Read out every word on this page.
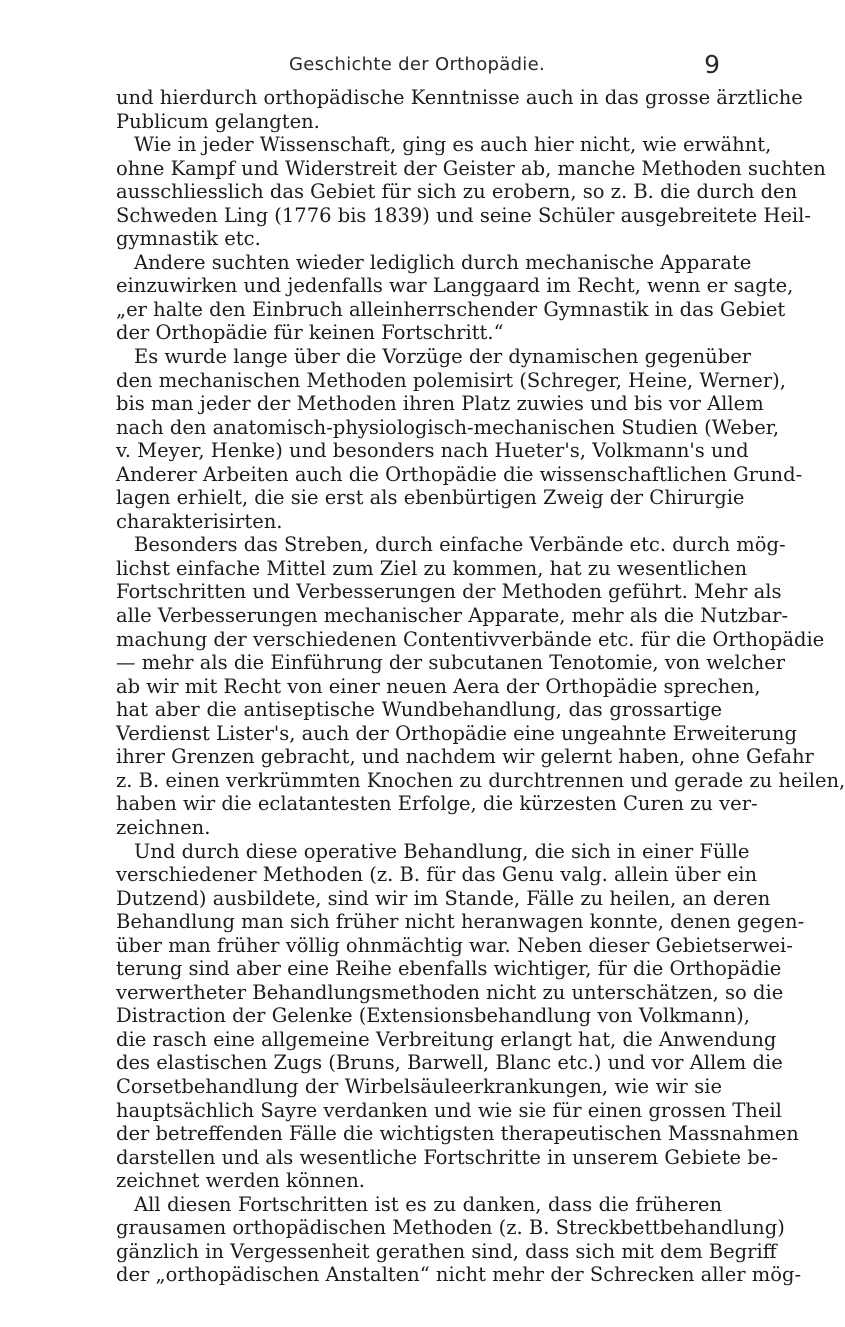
Geschichte der Orthopädie.	9
und hierdurch orthopädische Kenntnisse auch in das grosse ärztliche
Publicum gelangten.
Wie in jeder Wissenschaft, ging es auch hier nicht, wie erwähnt,
ohne Kampf und Widerstreit der Geister ab, manche Methoden suchten
ausschliesslich das Gebiet für sich zu erobern, so z. B. die durch den
Schweden Ling (1776 bis 1839) und seine Schüler ausgebreitete Heil-
gymnastik etc.
Andere suchten wieder lediglich durch mechanische Apparate
einzuwirken und jedenfalls war Langgaard im Recht, wenn er sagte,
„er halte den Einbruch alleinherrschender Gymnastik in das Gebiet
der Orthopädie für keinen Fortschritt.“
Es wurde lange über die Vorzüge der dynamischen gegenüber
den mechanischen Methoden polemisirt (Schreger, Heine, Werner),
bis man jeder der Methoden ihren Platz zuwies und bis vor Allem
nach den anatomisch-physiologisch-mechanischen Studien (Weber,
v. Meyer, Henke) und besonders nach Hueter's, Volkmann's und
Anderer Arbeiten auch die Orthopädie die wissenschaftlichen Grund-
lagen erhielt, die sie erst als ebenbürtigen Zweig der Chirurgie
charakterisirten.
Besonders das Streben, durch einfache Verbände etc. durch mög-
lichst einfache Mittel zum Ziel zu kommen, hat zu wesentlichen
Fortschritten und Verbesserungen der Methoden geführt. Mehr als
alle Verbesserungen mechanischer Apparate, mehr als die Nutzbar-
machung der verschiedenen Contentivverbände etc. für die Orthopädie
— mehr als die Einführung der subcutanen Tenotomie, von welcher
ab wir mit Recht von einer neuen Aera der Orthopädie sprechen,
hat aber die antiseptische Wundbehandlung, das grossartige
Verdienst Lister's, auch der Orthopädie eine ungeahnte Erweiterung
ihrer Grenzen gebracht, und nachdem wir gelernt haben, ohne Gefahr
z. B. einen verkrümmten Knochen zu durchtrennen und gerade zu heilen,
haben wir die eclatantesten Erfolge, die kürzesten Curen zu ver-
zeichnen.
Und durch diese operative Behandlung, die sich in einer Fülle
verschiedener Methoden (z. B. für das Genu valg. allein über ein
Dutzend) ausbildete, sind wir im Stande, Fälle zu heilen, an deren
Behandlung man sich früher nicht heranwagen konnte, denen gegen-
über man früher völlig ohnmächtig war. Neben dieser Gebietserwei-
terung sind aber eine Reihe ebenfalls wichtiger, für die Orthopädie
verwertheter Behandlungsmethoden nicht zu unterschätzen, so die
Distraction der Gelenke (Extensionsbehandlung von Volkmann),
die rasch eine allgemeine Verbreitung erlangt hat, die Anwendung
des elastischen Zugs (Bruns, Barwell, Blanc etc.) und vor Allem die
Corsetbehandlung der Wirbelsäuleerkrankungen, wie wir sie
hauptsächlich Sayre verdanken und wie sie für einen grossen Theil
der betreffenden Fälle die wichtigsten therapeutischen Massnahmen
darstellen und als wesentliche Fortschritte in unserem Gebiete be-
zeichnet werden können.
All diesen Fortschritten ist es zu danken, dass die früheren
grausamen orthopädischen Methoden (z. B. Streckbettbehandlung)
gänzlich in Vergessenheit gerathen sind, dass sich mit dem Begriff
der „orthopädischen Anstalten“ nicht mehr der Schrecken aller mög-
